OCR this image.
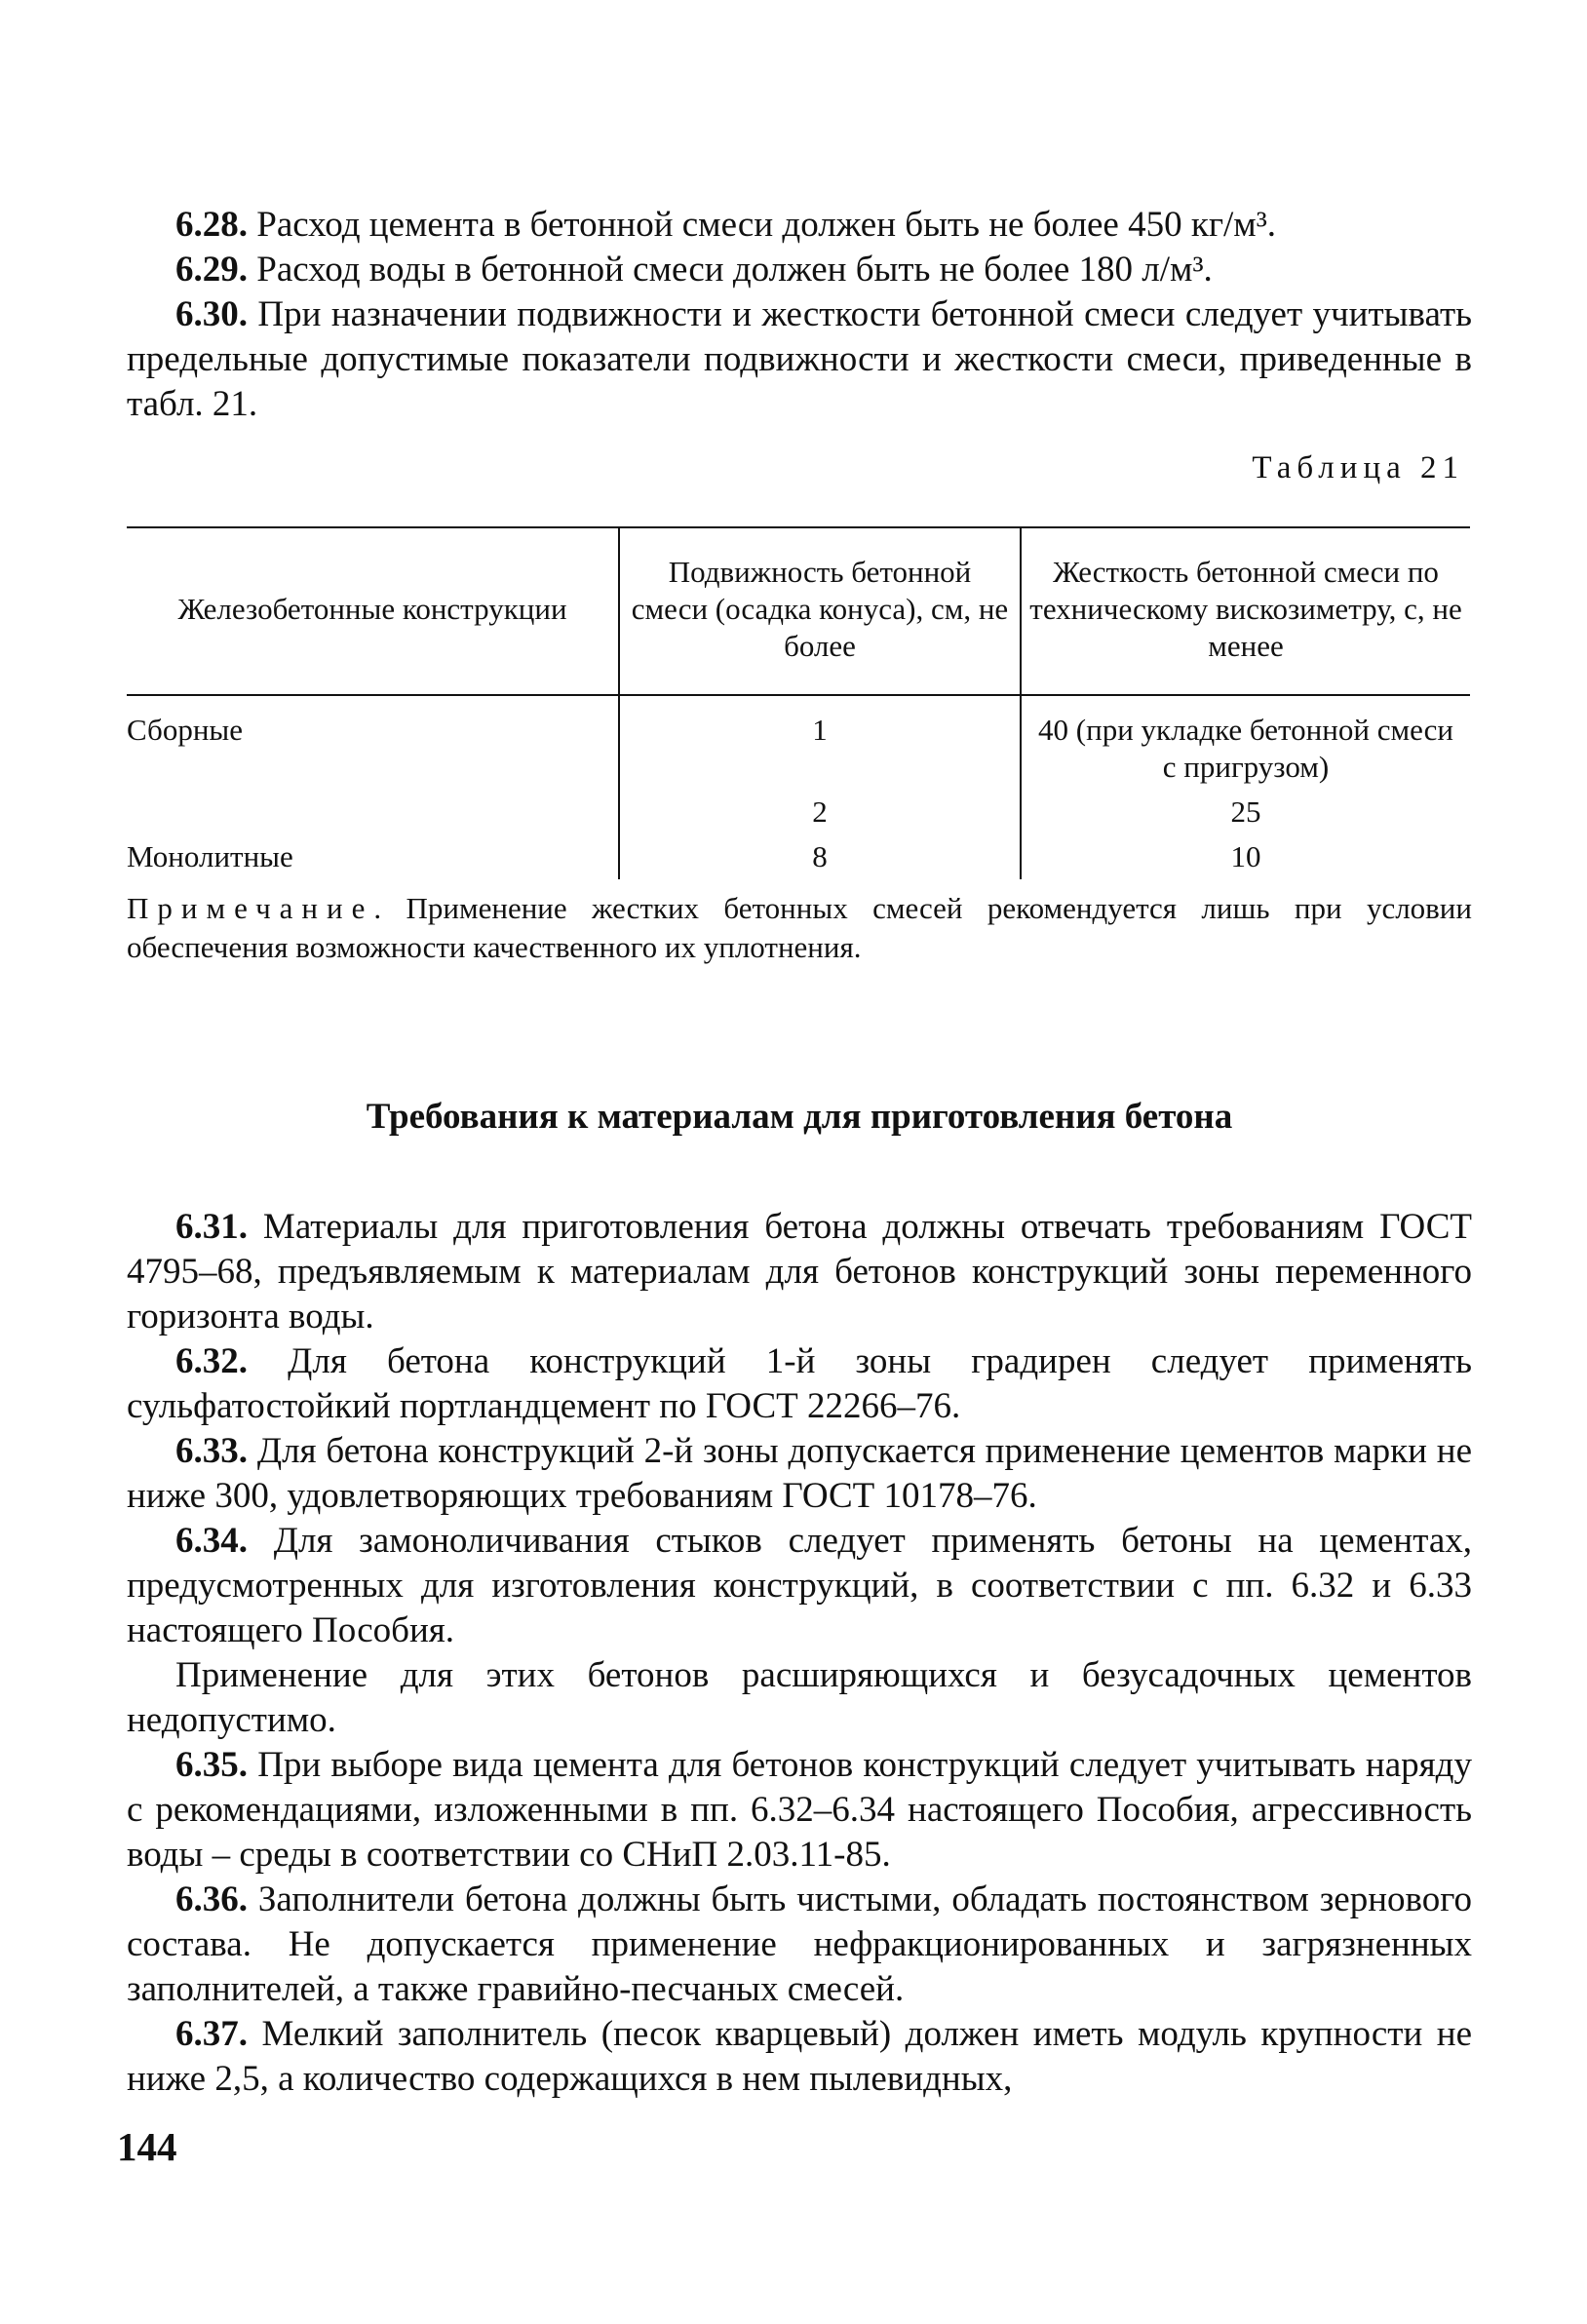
6.28. Расход цемента в бетонной смеси должен быть не более 450 кг/м³.

6.29. Расход воды в бетонной смеси должен быть не более 180 л/м³.

6.30. При назначении подвижности и жесткости бетонной смеси следует учитывать предельные допустимые показатели подвижности и жесткости смеси, приведенные в табл. 21.

Таблица 21
Железобетонные конструкции	Подвижность бетонной смеси (осадка конуса), см, не более	Жесткость бетонной смеси по техническому вискозиметру, с, не менее
Сборные	1	40 (при укладке бетонной смеси с пригрузом)
	2	25
Монолитные	8	10

Примечание. Применение жестких бетонных смесей рекомендуется лишь при условии обеспечения возможности качественного их уплотнения.

Требования к материалам для приготовления бетона

6.31. Материалы для приготовления бетона должны отвечать требованиям ГОСТ 4795–68, предъявляемым к материалам для бетонов конструкций зоны переменного горизонта воды.

6.32. Для бетона конструкций 1-й зоны градирен следует применять сульфатостойкий портландцемент по ГОСТ 22266–76.

6.33. Для бетона конструкций 2-й зоны допускается применение цементов марки не ниже 300, удовлетворяющих требованиям ГОСТ 10178–76.

6.34. Для замоноличивания стыков следует применять бетоны на цементах, предусмотренных для изготовления конструкций, в соответствии с пп. 6.32 и 6.33 настоящего Пособия.

Применение для этих бетонов расширяющихся и безусадочных цементов недопустимо.

6.35. При выборе вида цемента для бетонов конструкций следует учитывать наряду с рекомендациями, изложенными в пп. 6.32–6.34 настоящего Пособия, агрессивность воды – среды в соответствии со СНиП 2.03.11-85.

6.36. Заполнители бетона должны быть чистыми, обладать постоянством зернового состава. Не допускается применение нефракционированных и загрязненных заполнителей, а также гравийно-песчаных смесей.

6.37. Мелкий заполнитель (песок кварцевый) должен иметь модуль крупности не ниже 2,5, а количество содержащихся в нем пылевидных,

144
